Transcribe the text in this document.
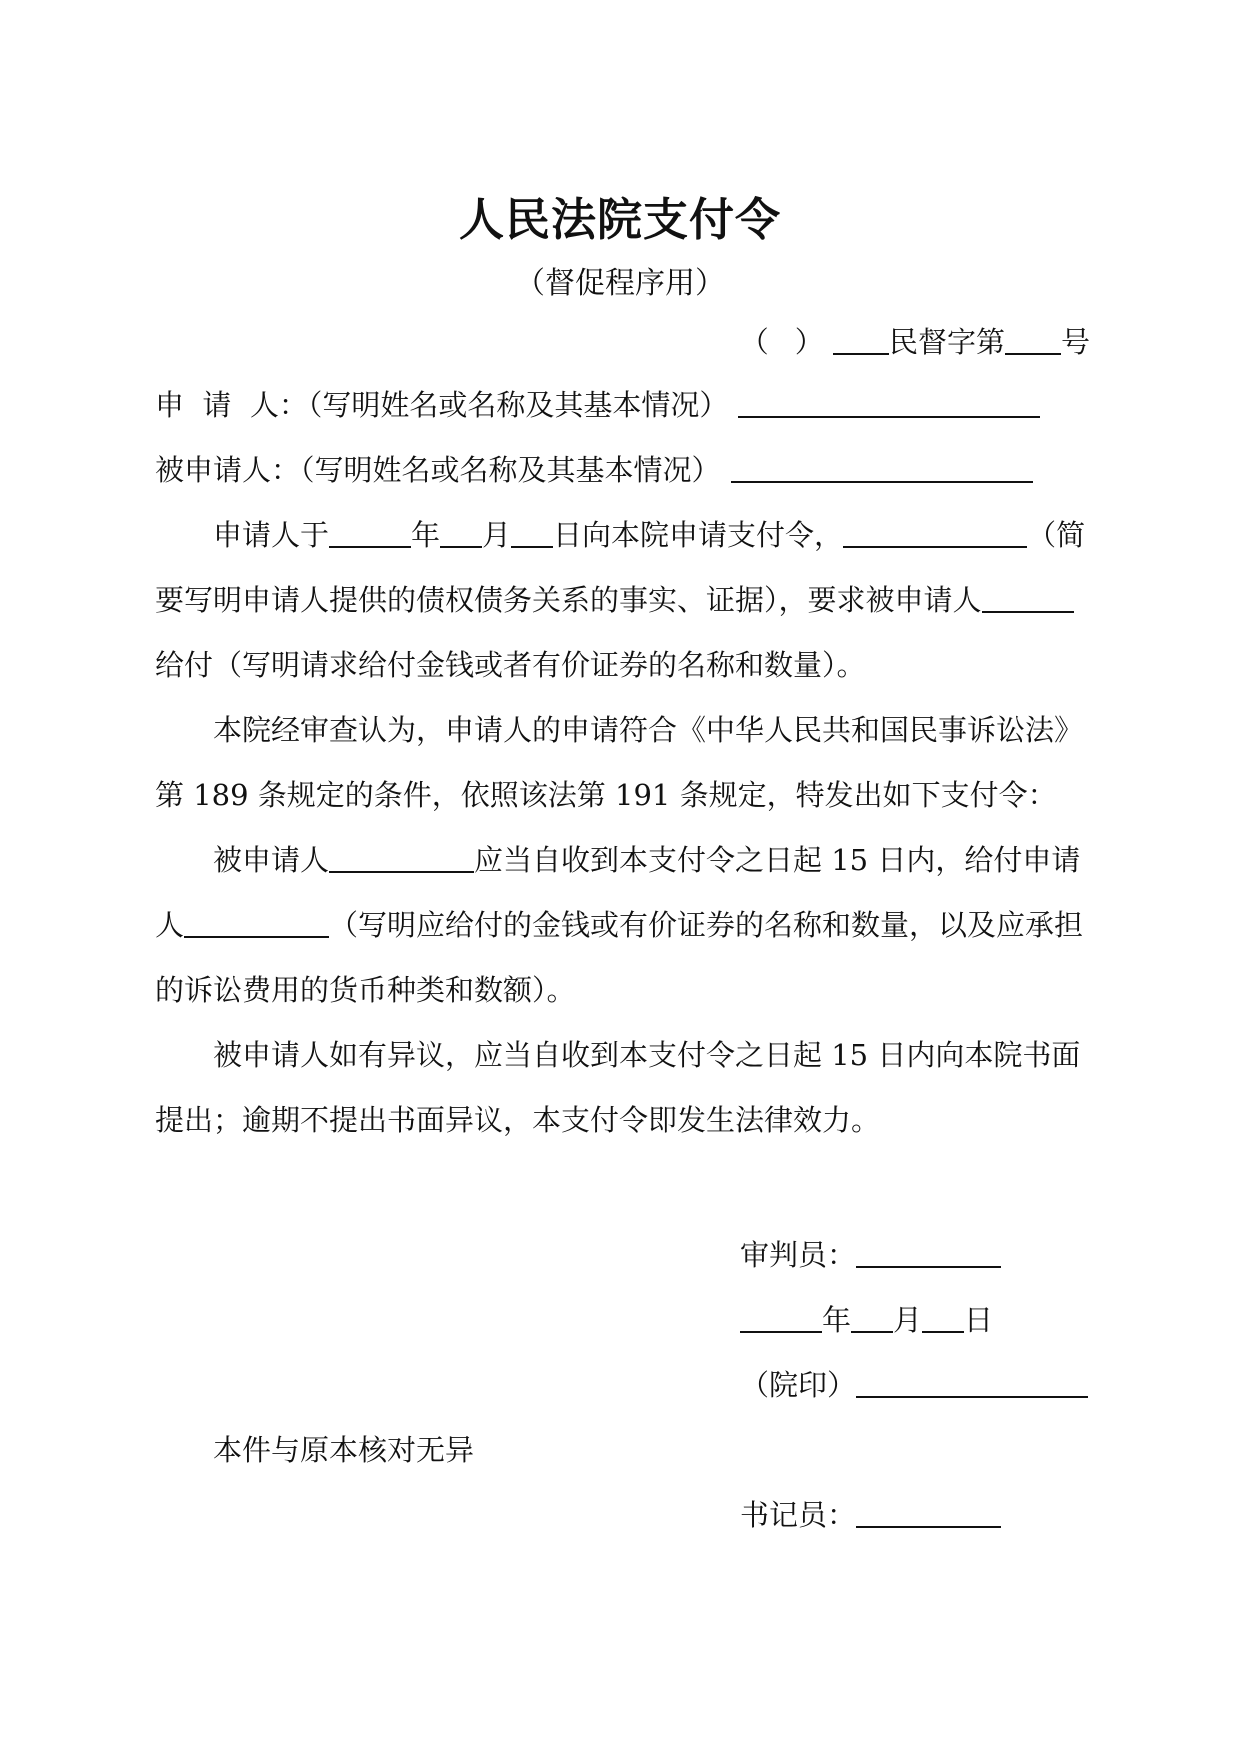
人民法院支付令
（督促程序用）
（ ） 民督字第 号
申  请  人：（写明姓名或名称及其基本情况）
被申请人：（写明姓名或名称及其基本情况）
申请人于	年 月 日向本院申请支付令，	（简
要写明申请人提供的债权债务关系的事实、证据），要求被申请人
给付（写明请求给付金钱或者有价证券的名称和数量）。
本院经审查认为，申请人的申请符合《中华人民共和国民事诉讼法》
第 189 条规定的条件，依照该法第 191 条规定，特发出如下支付令：
被申请人	应当自收到本支付令之日起 15 日内，给付申请
人	（写明应给付的金钱或有价证券的名称和数量，以及应承担
的诉讼费用的货币种类和数额）。
被申请人如有异议，应当自收到本支付令之日起 15 日内向本院书面
提出；逾期不提出书面异议，本支付令即发生法律效力。
审判员：
年 月 日
（院印）
本件与原本核对无异
书记员：
